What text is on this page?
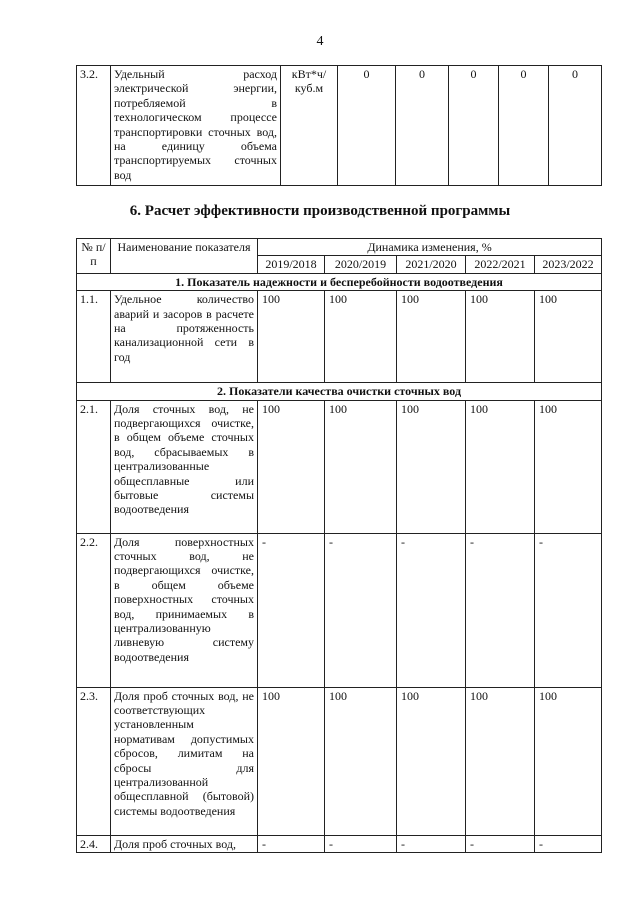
4
3.2.	Удельный расход электрической энергии, потребляемой в технологическом процессе транспортировки сточных вод, на единицу объема транспортируемых сточных вод	кВт*ч/ куб.м	0	0	0	0	0
6. Расчет эффективности производственной программы
№ п/п	Наименование показателя	Динамика изменения, %				
		2019/2018	2020/2019	2021/2020	2022/2021	2023/2022
1. Показатель надежности и бесперебойности водоотведения						
1.1.	Удельное количество аварий и засоров в расчете на протяженность канализационной сети в год	100	100	100	100	100
2. Показатели качества очистки сточных вод						
2.1.	Доля сточных вод, не подвергающихся очистке, в общем объеме сточных вод, сбрасываемых в централизованные общесплавные или бытовые системы водоотведения	100	100	100	100	100
2.2.	Доля поверхностных сточных вод, не подвергающихся очистке, в общем объеме поверхностных сточных вод, принимаемых в централизованную ливневую систему водоотведения	-	-	-	-	-
2.3.	Доля проб сточных вод, не соответствующих установленным нормативам допустимых сбросов, лимитам на сбросы для централизованной общесплавной (бытовой) системы водоотведения	100	100	100	100	100
2.4.	Доля проб сточных вод,	-	-	-	-	-
